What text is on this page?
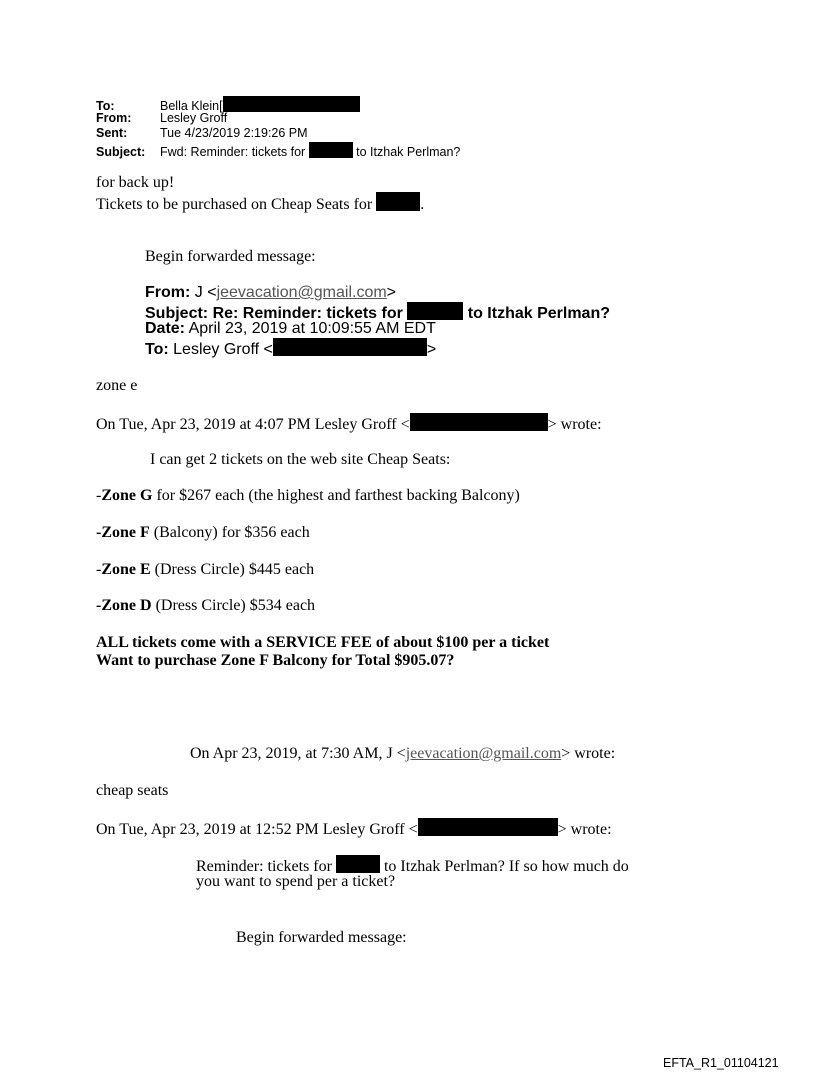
To:	Bella Klein[
From: Lesley Groff
Sent:	Tue 4/23/2019 2:19:26 PM
Subject: Fwd: Reminder: tickets for	to Itzhak Perlman?
for back up!
Tickets to be purchased on Cheap Seats for	.
Begin forwarded message:
From: J <jeevacation@gmail.com>
Subject: Re: Reminder: tickets for	to Itzhak Perlman?
Date: April 23, 2019 at 10:09:55 AM EDT
To: Lesley Groff <	>
zone e
On Tue, Apr 23, 2019 at 4:07 PM Lesley Groff <	> wrote:
I can get 2 tickets on the web site Cheap Seats:
-Zone G for $267 each (the highest and farthest backing Balcony)
-Zone F (Balcony) for $356 each
-Zone E (Dress Circle) $445 each
-Zone D (Dress Circle) $534 each
ALL tickets come with a SERVICE FEE of about $100 per a ticket
Want to purchase Zone F Balcony for Total $905.07?
On Apr 23, 2019, at 7:30 AM, J <jeevacation@gmail.com> wrote:
cheap seats
On Tue, Apr 23, 2019 at 12:52 PM Lesley Groff <	> wrote:
Reminder: tickets for	to Itzhak Perlman? If so how much do
you want to spend per a ticket?
Begin forwarded message:
EFTA_R1_01104121
